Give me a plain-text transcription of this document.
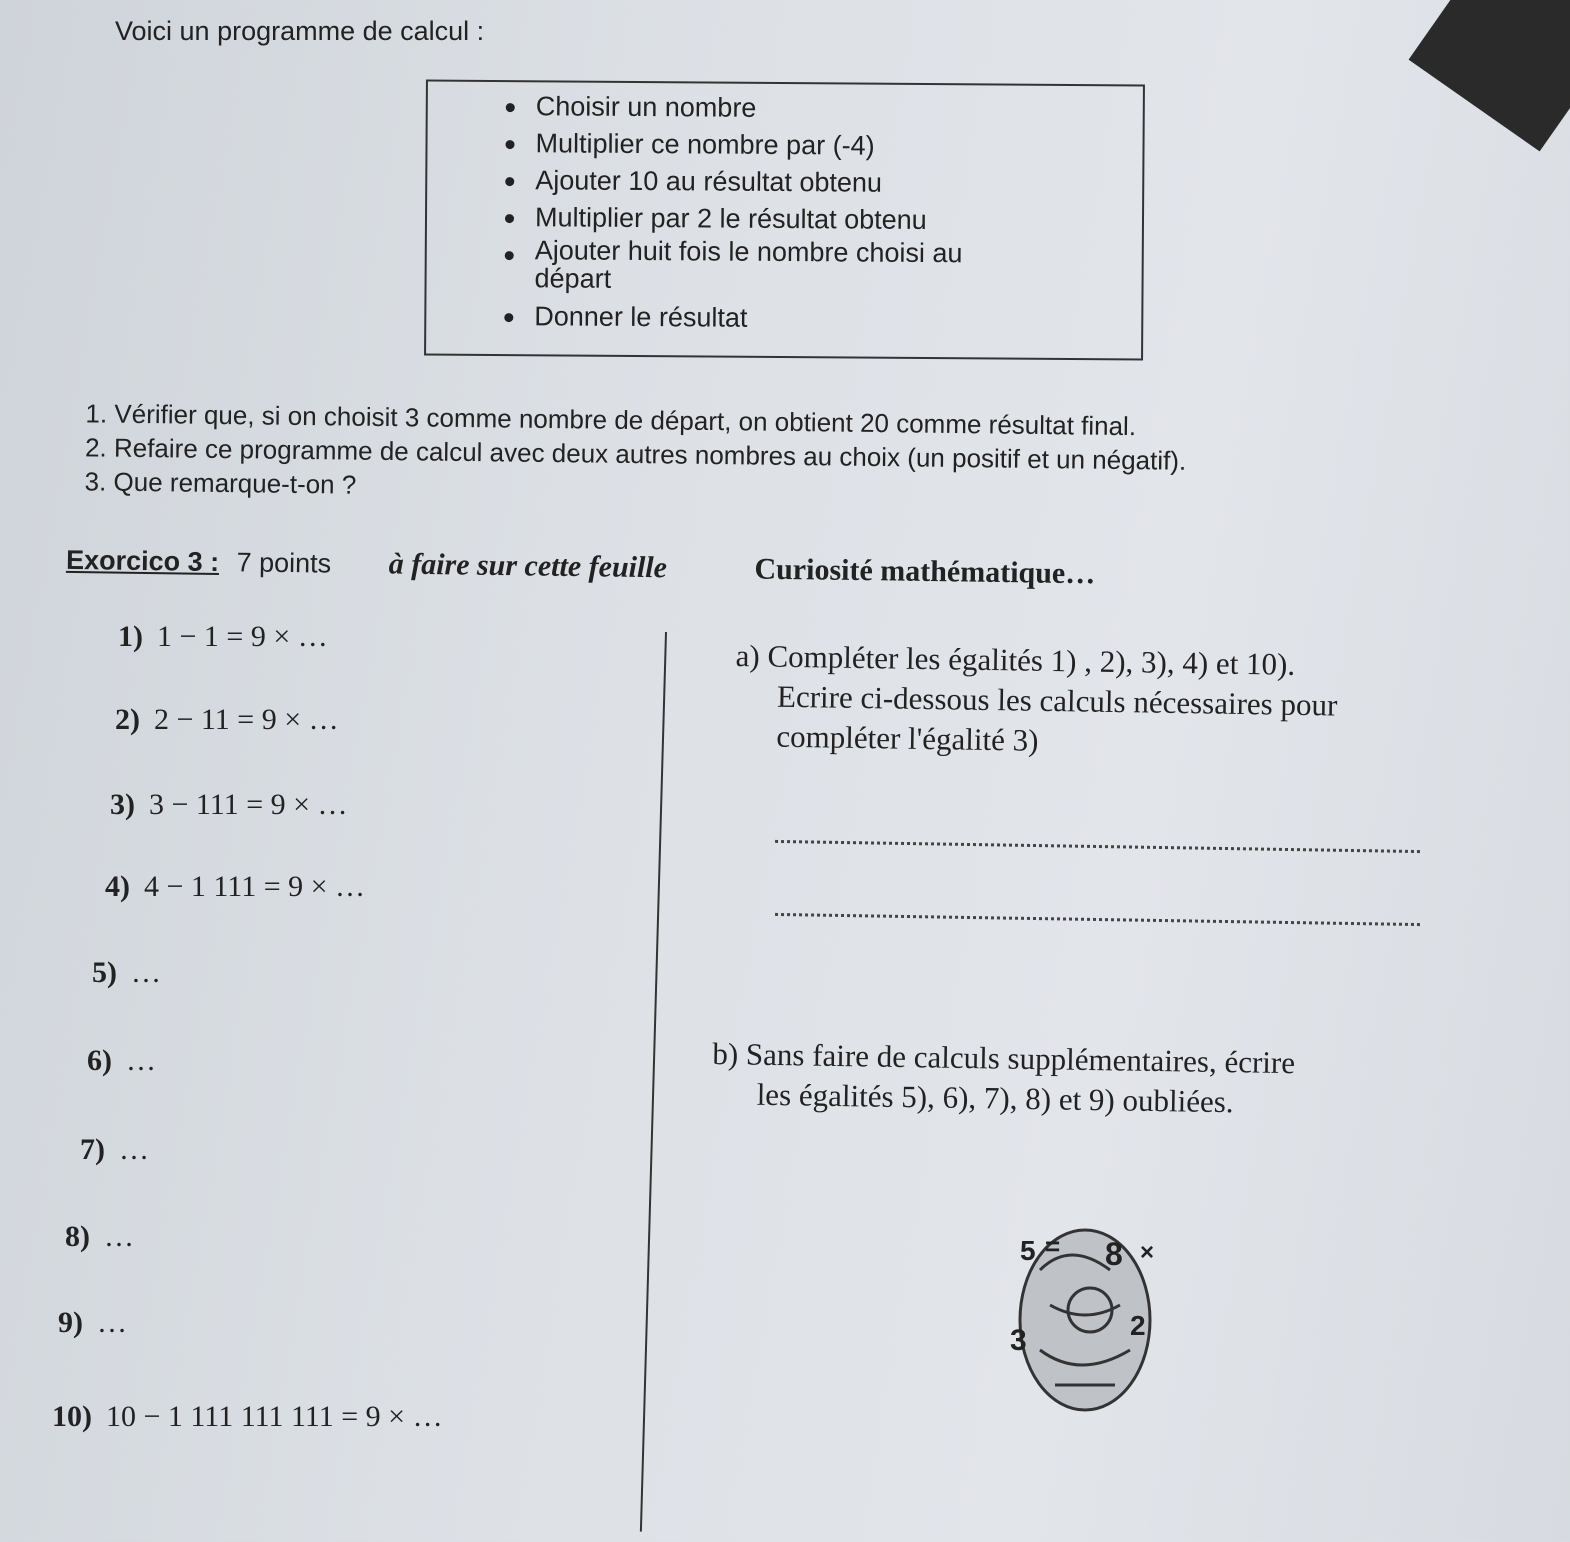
Voici un programme de calcul :
Choisir un nombre
Multiplier ce nombre par (-4)
Ajouter 10 au résultat obtenu
Multiplier par 2 le résultat obtenu
Ajouter huit fois le nombre choisi au départ
Donner le résultat
1. Vérifier que, si on choisit 3 comme nombre de départ, on obtient 20 comme résultat final.
2. Refaire ce programme de calcul avec deux autres nombres au choix (un positif et un négatif).
3. Que remarque-t-on ?
Exorcico 3 : 7 points à faire sur cette feuille	Curiosité mathématique…
1) 1 − 1 = 9 × …
2) 2 − 11 = 9 × …
3) 3 − 111 = 9 × …
4) 4 − 1 111 = 9 × …
5) …
6) …
7) …
8) …
9) …
10) 10 − 1 111 111 111 = 9 × …
a) Compléter les égalités 1) , 2), 3), 4) et 10).
Ecrire ci-dessous les calculs nécessaires pour
compléter l'égalité 3)
b) Sans faire de calculs supplémentaires, écrire
les égalités 5), 6), 7), 8) et 9) oubliées.
5 = 8 ×
3	2
